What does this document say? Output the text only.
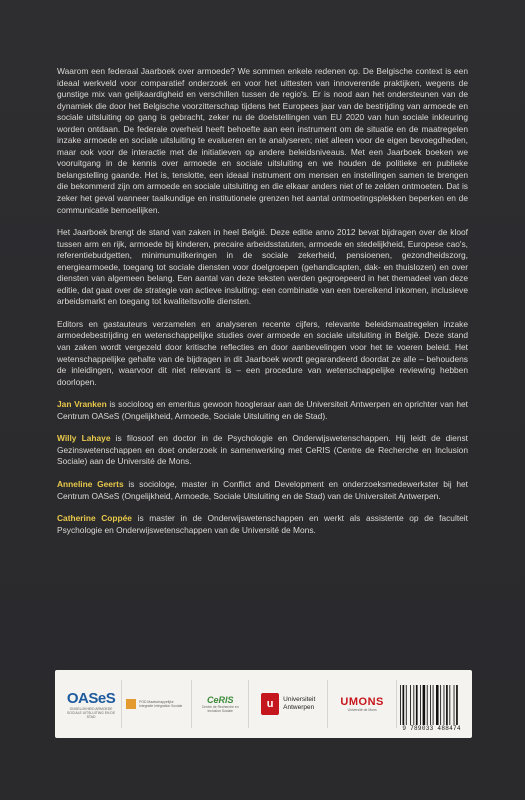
Waarom een federaal Jaarboek over armoede? We sommen enkele redenen op. De Belgische context is een ideaal werkveld voor comparatief onderzoek en voor het uittesten van innoverende praktijken, wegens de gunstige mix van gelijkaardigheid en verschillen tussen de regio's. Er is nood aan het ondersteunen van de dynamiek die door het Belgische voorzitterschap tijdens het Europees jaar van de bestrijding van armoede en sociale uitsluiting op gang is gebracht, zeker nu de doelstellingen van EU 2020 van hun sociale inkleuring worden ontdaan. De federale overheid heeft behoefte aan een instrument om de situatie en de maatregelen inzake armoede en sociale uitsluiting te evalueren en te analyseren; niet alleen voor de eigen bevoegdheden, maar ook voor de interactie met de initiatieven op andere beleidsniveaus. Met een Jaarboek boeken we vooruitgang in de kennis over armoede en sociale uitsluiting en we houden de politieke en publieke belangstelling gaande. Het is, tenslotte, een ideaal instrument om mensen en instellingen samen te brengen die bekommerd zijn om armoede en sociale uitsluiting en die elkaar anders niet of te zelden ontmoeten. Dat is zeker het geval wanneer taalkundige en institutionele grenzen het aantal ontmoetingsplekken beperken en de communicatie bemoeilijken.

Het Jaarboek brengt de stand van zaken in heel België. Deze editie anno 2012 bevat bijdragen over de kloof tussen arm en rijk, armoede bij kinderen, precaire arbeidsstatuten, armoede en stedelijkheid, Europese cao's, referentiebudgetten, minimumuitkeringen in de sociale zekerheid, pensioenen, gezondheidszorg, energiearmoede, toegang tot sociale diensten voor doelgroepen (gehandicapten, dak- en thuislozen) en over diensten van algemeen belang. Een aantal van deze teksten werden gegroepeerd in het themadeel van deze editie, dat gaat over de strategie van actieve insluiting: een combinatie van een toereikend inkomen, inclusieve arbeidsmarkt en toegang tot kwaliteitsvolle diensten.

Editors en gastauteurs verzamelen en analyseren recente cijfers, relevante beleidsmaatregelen inzake armoedebestrijding en wetenschappelijke studies over armoede en sociale uitsluiting in België. Deze stand van zaken wordt vergezeld door kritische reflecties en door aanbevelingen voor het te voeren beleid. Het wetenschappelijke gehalte van de bijdragen in dit Jaarboek wordt gegarandeerd doordat ze alle – behoudens de inleidingen, waarvoor dit niet relevant is – een procedure van wetenschappelijke reviewing hebben doorlopen.

Jan Vranken is socioloog en emeritus gewoon hoogleraar aan de Universiteit Antwerpen en oprichter van het Centrum OASeS (Ongelijkheid, Armoede, Sociale Uitsluiting en de Stad).

Willy Lahaye is filosoof en doctor in de Psychologie en Onderwijswetenschappen. Hij leidt de dienst Gezinswetenschappen en doet onderzoek in samenwerking met CeRIS (Centre de Recherche en Inclusion Sociale) aan de Université de Mons.

Anneline Geerts is sociologe, master in Conflict and Development en onderzoeksmedewerkster bij het Centrum OASeS (Ongelijkheid, Armoede, Sociale Uitsluiting en de Stad) van de Universiteit Antwerpen.

Catherine Coppée is master in de Onderwijswetenschappen en werkt als assistente op de faculteit Psychologie en Onderwijswetenschappen van de Université de Mons.

OASeS
ONGELIJKHEID ARMOEDE SOCIALE UITSLUITING EN DE STAD
POD Maatschappelijke Integratie Intégration Sociale
CeRIS
Centre de Recherche en Inclusion Sociale
u	Universiteit
Antwerpen UMONS
Université de Mons
9 789033 488474
